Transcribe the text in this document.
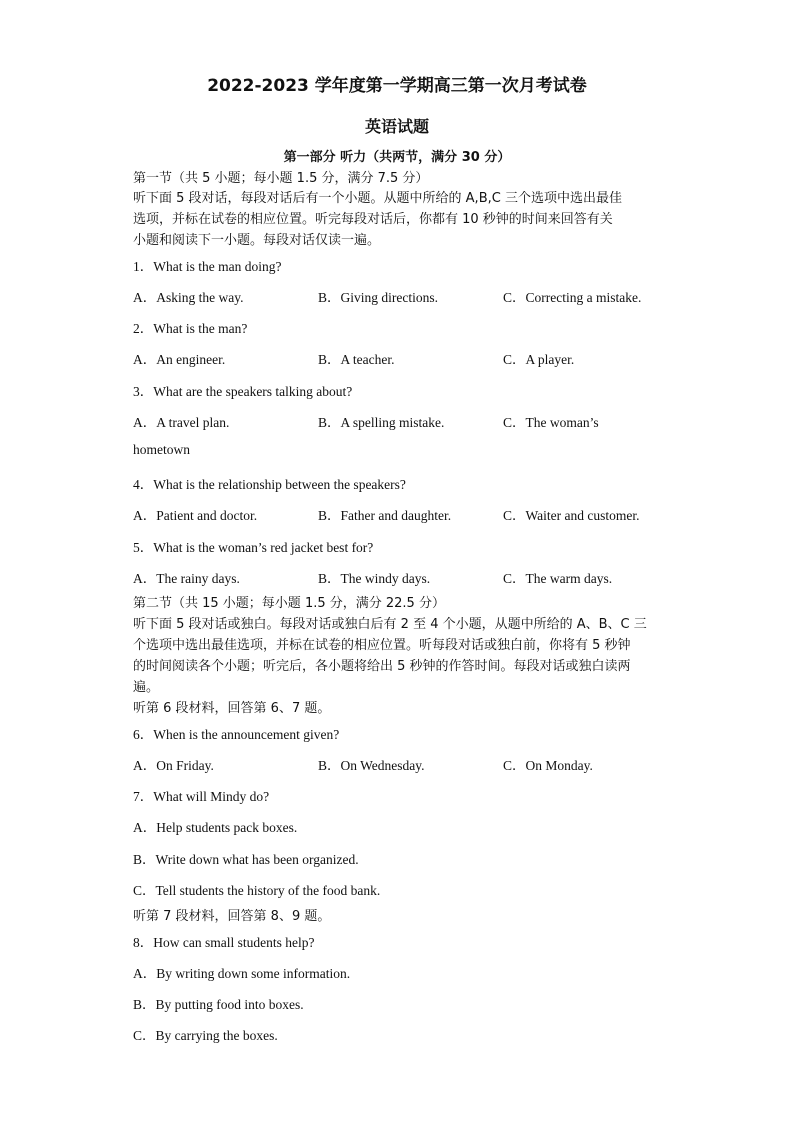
2022-2023 学年度第一学期高三第一次月考试卷
英语试题
第一部分 听力（共两节，满分 30 分）
第一节（共 5 小题；每小题 1.5 分，满分 7.5 分）
听下面 5 段对话，每段对话后有一个小题。从题中所给的 A,B,C 三个选项中选出最佳
选项，并标在试卷的相应位置。听完每段对话后，你都有 10 秒钟的时间来回答有关
小题和阅读下一小题。每段对话仅读一遍。
1．What is the man doing?
A．Asking the way.	B．Giving directions.	C．Correcting a mistake.
2．What is the man?
A．An engineer.	B．A teacher.	C．A player.
3．What are the speakers talking about?
A．A travel plan.	B．A spelling mistake.	C．The woman’s
hometown
4．What is the relationship between the speakers?
A．Patient and doctor.	B．Father and daughter.	C．Waiter and customer.
5．What is the woman’s red jacket best for?
A．The rainy days.	B．The windy days.	C．The warm days.
第二节（共 15 小题；每小题 1.5 分，满分 22.5 分）
听下面 5 段对话或独白。每段对话或独白后有 2 至 4 个小题，从题中所给的 A、B、C 三
个选项中选出最佳选项，并标在试卷的相应位置。听每段对话或独白前，你将有 5 秒钟
的时间阅读各个小题；听完后，各小题将给出 5 秒钟的作答时间。每段对话或独白读两
遍。
听第 6 段材料，回答第 6、7 题。
6．When is the announcement given?
A．On Friday.	B．On Wednesday.	C．On Monday.
7．What will Mindy do?
A．Help students pack boxes.
B．Write down what has been organized.
C．Tell students the history of the food bank.
听第 7 段材料，回答第 8、9 题。
8．How can small students help?
A．By writing down some information.
B．By putting food into boxes.
C．By carrying the boxes.
